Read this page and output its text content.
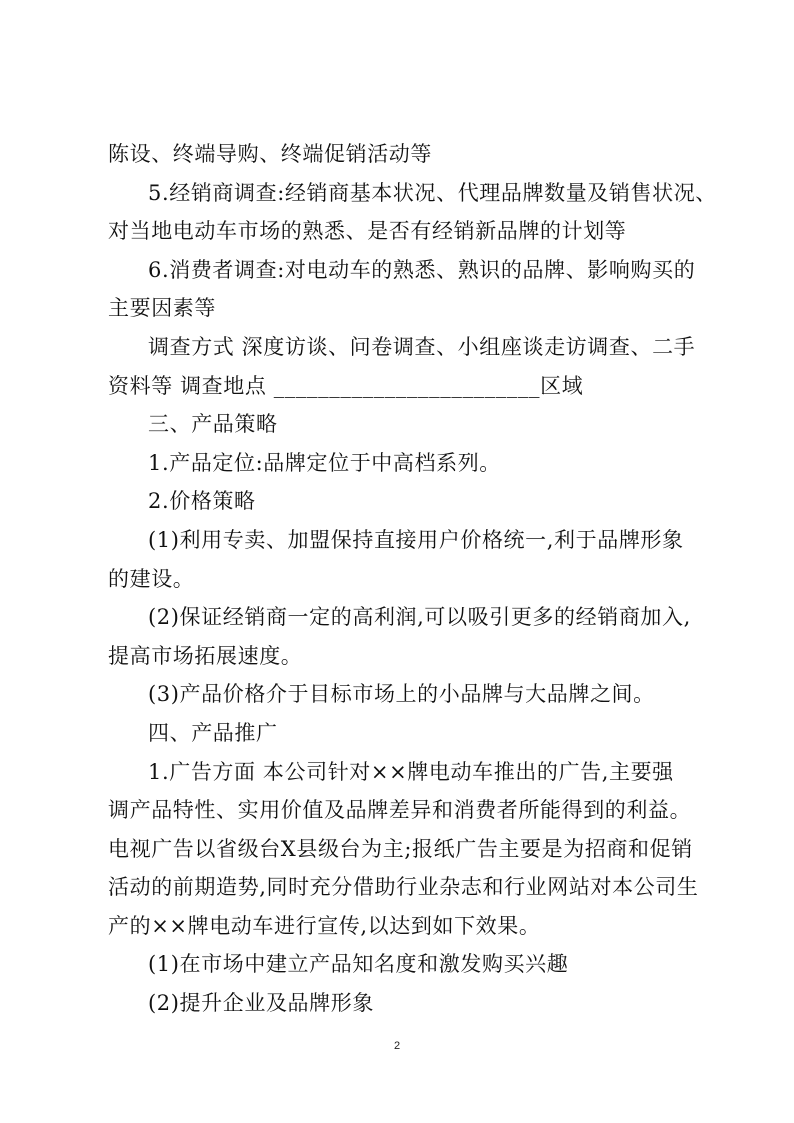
陈设、终端导购、终端促销活动等
5.经销商调查:经销商基本状况、代理品牌数量及销售状况、
对当地电动车市场的熟悉、是否有经销新品牌的计划等
6.消费者调查:对电动车的熟悉、熟识的品牌、影响购买的
主要因素等
调查方式 深度访谈、问卷调查、小组座谈走访调查、二手
资料等 调查地点 ________________________区域
三、产品策略
1.产品定位:品牌定位于中高档系列。
2.价格策略
(1)利用专卖、加盟保持直接用户价格统一,利于品牌形象
的建设。
(2)保证经销商一定的高利润,可以吸引更多的经销商加入,
提高市场拓展速度。
(3)产品价格介于目标市场上的小品牌与大品牌之间。
四、产品推广
1.广告方面 本公司针对××牌电动车推出的广告,主要强
调产品特性、实用价值及品牌差异和消费者所能得到的利益。
电视广告以省级台X县级台为主;报纸广告主要是为招商和促销
活动的前期造势,同时充分借助行业杂志和行业网站对本公司生
产的××牌电动车进行宣传,以达到如下效果。
(1)在市场中建立产品知名度和激发购买兴趣
(2)提升企业及品牌形象
2
